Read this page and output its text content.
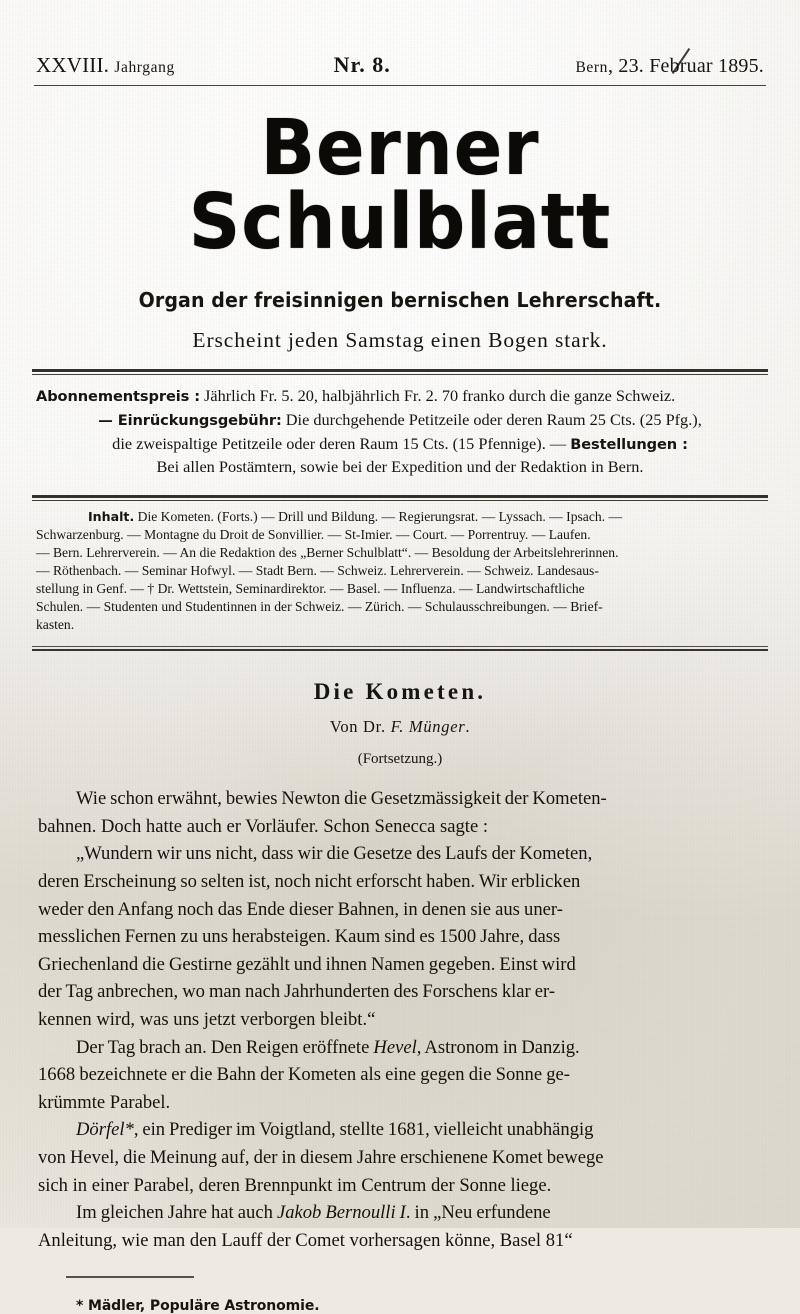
XXVIII. Jahrgang	Nr. 8.	Bern, 23. Februar 1895.
Berner Schulblatt
Organ der freisinnigen bernischen Lehrerschaft.
Erscheint jeden Samstag einen Bogen stark.
Abonnementspreis : Jährlich Fr. 5. 20, halbjährlich Fr. 2. 70 franko durch die ganze Schweiz.
— Einrückungsgebühr: Die durchgehende Petitzeile oder deren Raum 25 Cts. (25 Pfg.),
die zweispaltige Petitzeile oder deren Raum 15 Cts. (15 Pfennige). — Bestellungen :
Bei allen Postämtern, sowie bei der Expedition und der Redaktion in Bern.
Inhalt. Die Kometen. (Forts.) — Drill und Bildung. — Regierungsrat. — Lyssach. — Ipsach. —
Schwarzenburg. — Montagne du Droit de Sonvillier. — St-Imier. — Court. — Porrentruy. — Laufen.
— Bern. Lehrerverein. — An die Redaktion des „Berner Schulblatt“. — Besoldung der Arbeitslehrerinnen.
— Röthenbach. — Seminar Hofwyl. — Stadt Bern. — Schweiz. Lehrerverein. — Schweiz. Landesaus-
stellung in Genf. — † Dr. Wettstein, Seminardirektor. — Basel. — Influenza. — Landwirtschaftliche
Schulen. — Studenten und Studentinnen in der Schweiz. — Zürich. — Schulausschreibungen. — Brief-
kasten.
Die Kometen.
Von Dr. F. Münger.
(Fortsetzung.)
Wie schon erwähnt, bewies Newton die Gesetzmässigkeit der Kometen-
bahnen. Doch hatte auch er Vorläufer. Schon Senecca sagte :
„Wundern wir uns nicht, dass wir die Gesetze des Laufs der Kometen,
deren Erscheinung so selten ist, noch nicht erforscht haben. Wir erblicken
weder den Anfang noch das Ende dieser Bahnen, in denen sie aus uner-
messlichen Fernen zu uns herabsteigen. Kaum sind es 1500 Jahre, dass
Griechenland die Gestirne gezählt und ihnen Namen gegeben. Einst wird
der Tag anbrechen, wo man nach Jahrhunderten des Forschens klar er-
kennen wird, was uns jetzt verborgen bleibt.“
Der Tag brach an. Den Reigen eröffnete Hevel, Astronom in Danzig.
1668 bezeichnete er die Bahn der Kometen als eine gegen die Sonne ge-
krümmte Parabel.
Dörfel*, ein Prediger im Voigtland, stellte 1681, vielleicht unabhängig
von Hevel, die Meinung auf, der in diesem Jahre erschienene Komet bewege
sich in einer Parabel, deren Brennpunkt im Centrum der Sonne liege.
Im gleichen Jahre hat auch Jakob Bernoulli I. in „Neu erfundene
Anleitung, wie man den Lauff der Comet vorhersagen könne, Basel 81“
* Mädler, Populäre Astronomie.
